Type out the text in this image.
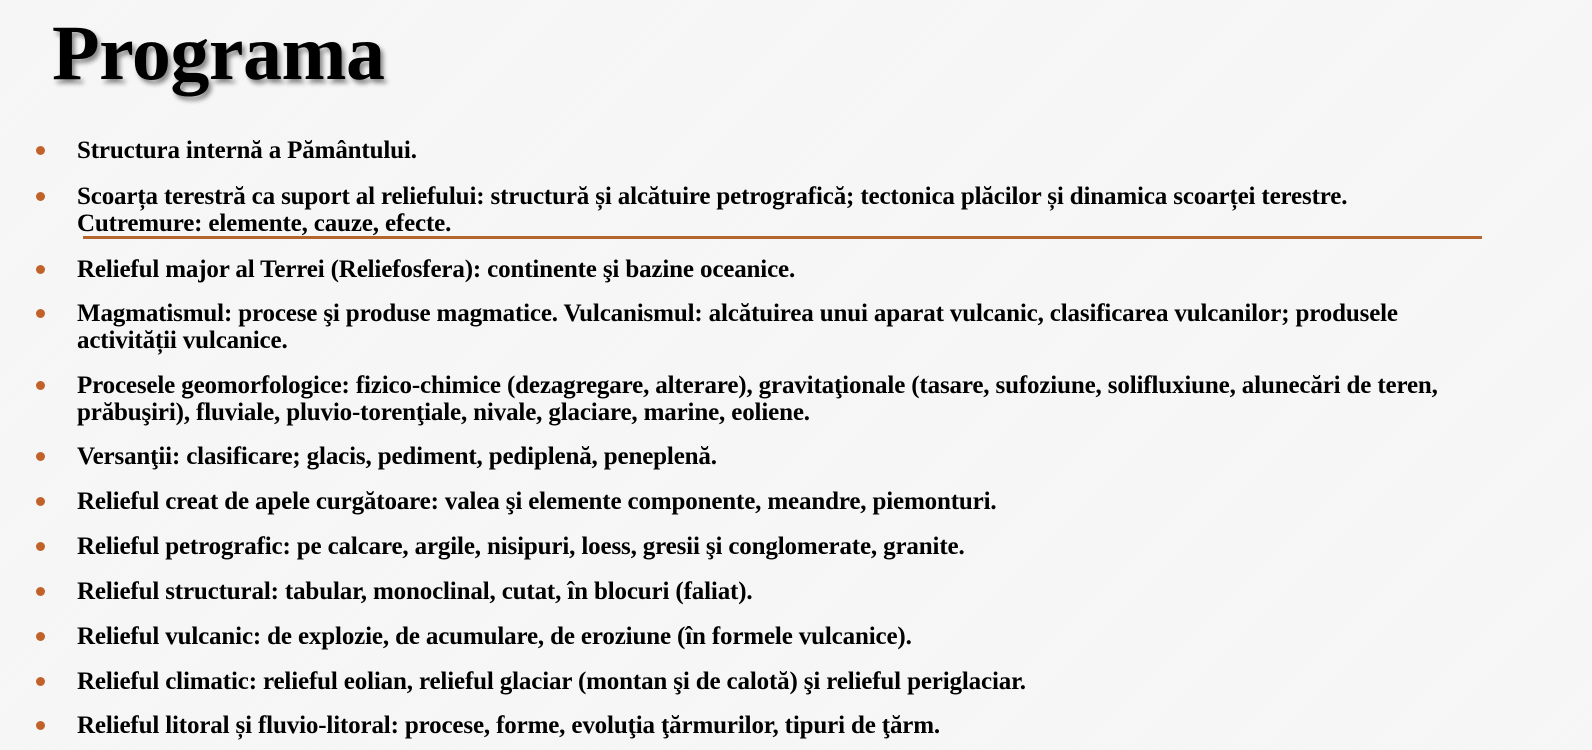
Programa
Structura internă a Pământului.
Scoarța terestră ca suport al reliefului: structură și alcătuire petrografică; tectonica plăcilor și dinamica scoarței terestre. Cutremure: elemente, cauze, efecte.
Relieful major al Terrei (Reliefosfera): continente şi bazine oceanice.
Magmatismul: procese şi produse magmatice. Vulcanismul: alcătuirea unui aparat vulcanic, clasificarea vulcanilor; produsele activității vulcanice.
Procesele geomorfologice: fizico-chimice (dezagregare, alterare), gravitaţionale (tasare, sufoziune, solifluxiune, alunecări de teren, prăbuşiri), fluviale, pluvio-torenţiale, nivale, glaciare, marine, eoliene.
Versanţii: clasificare; glacis, pediment, pediplenă, peneplenă.
Relieful creat de apele curgătoare: valea şi elemente componente, meandre, piemonturi.
Relieful petrografic: pe calcare, argile, nisipuri, loess, gresii şi conglomerate, granite.
Relieful structural: tabular, monoclinal, cutat, în blocuri (faliat).
Relieful vulcanic: de explozie, de acumulare, de eroziune (în formele vulcanice).
Relieful climatic: relieful eolian, relieful glaciar (montan şi de calotă) şi relieful periglaciar.
Relieful litoral și fluvio-litoral: procese, forme, evoluţia ţărmurilor, tipuri de ţărm.
